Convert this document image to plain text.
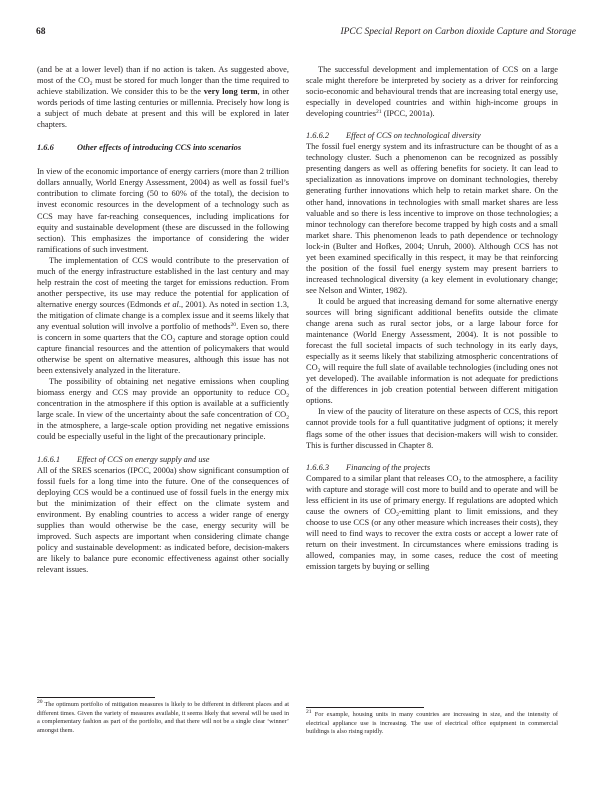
68	IPCC Special Report on Carbon dioxide Capture and Storage

(and be at a lower level) than if no action is taken. As suggested above, most of the $CO_2$ must be stored for much longer than the time required to achieve stabilization. We consider this to be the very long term, in other words periods of time lasting centuries or millennia. Precisely how long is a subject of much debate at present and this will be explored in later chapters.

1.6.6	Other effects of introducing CCS into scenarios

In view of the economic importance of energy carriers (more than 2 trillion dollars annually, World Energy Assessment, 2004) as well as fossil fuel’s contribution to climate forcing (50 to 60% of the total), the decision to invest economic resources in the development of a technology such as CCS may have far-reaching consequences, including implications for equity and sustainable development (these are discussed in the following section). This emphasizes the importance of considering the wider ramifications of such investment.

The implementation of CCS would contribute to the preservation of much of the energy infrastructure established in the last century and may help restrain the cost of meeting the target for emissions reduction. From another perspective, its use may reduce the potential for application of alternative energy sources (Edmonds et al., 2001). As noted in section 1.3, the mitigation of climate change is a complex issue and it seems likely that any eventual solution will involve a portfolio of methods$^{20}$. Even so, there is concern in some quarters that the $CO_2$ capture and storage option could capture financial resources and the attention of policymakers that would otherwise be spent on alternative measures, although this issue has not been extensively analyzed in the literature.

The possibility of obtaining net negative emissions when coupling biomass energy and CCS may provide an opportunity to reduce $CO_2$ concentration in the atmosphere if this option is available at a sufficiently large scale. In view of the uncertainty about the safe concentration of $CO_2$ in the atmosphere, a large-scale option providing net negative emissions could be especially useful in the light of the precautionary principle.

1.6.6.1 Effect of CCS on energy supply and use

All of the SRES scenarios (IPCC, 2000a) show significant consumption of fossil fuels for a long time into the future. One of the consequences of deploying CCS would be a continued use of fossil fuels in the energy mix but the minimization of their effect on the climate system and environment. By enabling countries to access a wider range of energy supplies than would otherwise be the case, energy security will be improved. Such aspects are important when considering climate change policy and sustainable development: as indicated before, decision-makers are likely to balance pure economic effectiveness against other socially relevant issues.

$^{20}$ The optimum portfolio of mitigation measures is likely to be different in different places and at different times. Given the variety of measures available, it seems likely that several will be used in a complementary fashion as part of the portfolio, and that there will not be a single clear ‘winner’ amongst them.

The successful development and implementation of CCS on a large scale might therefore be interpreted by society as a driver for reinforcing socio-economic and behavioural trends that are increasing total energy use, especially in developed countries and within high-income groups in developing countries$^{21}$ (IPCC, 2001a).

1.6.6.2 Effect of CCS on technological diversity

The fossil fuel energy system and its infrastructure can be thought of as a technology cluster. Such a phenomenon can be recognized as possibly presenting dangers as well as offering benefits for society. It can lead to specialization as innovations improve on dominant technologies, thereby generating further innovations which help to retain market share. On the other hand, innovations in technologies with small market shares are less valuable and so there is less incentive to improve on those technologies; a minor technology can therefore become trapped by high costs and a small market share. This phenomenon leads to path dependence or technology lock-in (Bulter and Hofkes, 2004; Unruh, 2000). Although CCS has not yet been examined specifically in this respect, it may be that reinforcing the position of the fossil fuel energy system may present barriers to increased technological diversity (a key element in evolutionary change; see Nelson and Winter, 1982).

It could be argued that increasing demand for some alternative energy sources will bring significant additional benefits outside the climate change arena such as rural sector jobs, or a large labour force for maintenance (World Energy Assessment, 2004). It is not possible to forecast the full societal impacts of such technology in its early days, especially as it seems likely that stabilizing atmospheric concentrations of $CO_2$ will require the full slate of available technologies (including ones not yet developed). The available information is not adequate for predictions of the differences in job creation potential between different mitigation options.

In view of the paucity of literature on these aspects of CCS, this report cannot provide tools for a full quantitative judgment of options; it merely flags some of the other issues that decision-makers will wish to consider. This is further discussed in Chapter 8.

1.6.6.3 Financing of the projects

Compared to a similar plant that releases $CO_2$ to the atmosphere, a facility with capture and storage will cost more to build and to operate and will be less efficient in its use of primary energy. If regulations are adopted which cause the owners of $CO_2$-emitting plant to limit emissions, and they choose to use CCS (or any other measure which increases their costs), they will need to find ways to recover the extra costs or accept a lower rate of return on their investment. In circumstances where emissions trading is allowed, companies may, in some cases, reduce the cost of meeting emission targets by buying or selling

$^{21}$ For example, housing units in many countries are increasing in size, and the intensity of electrical appliance use is increasing. The use of electrical office equipment in commercial buildings is also rising rapidly.
